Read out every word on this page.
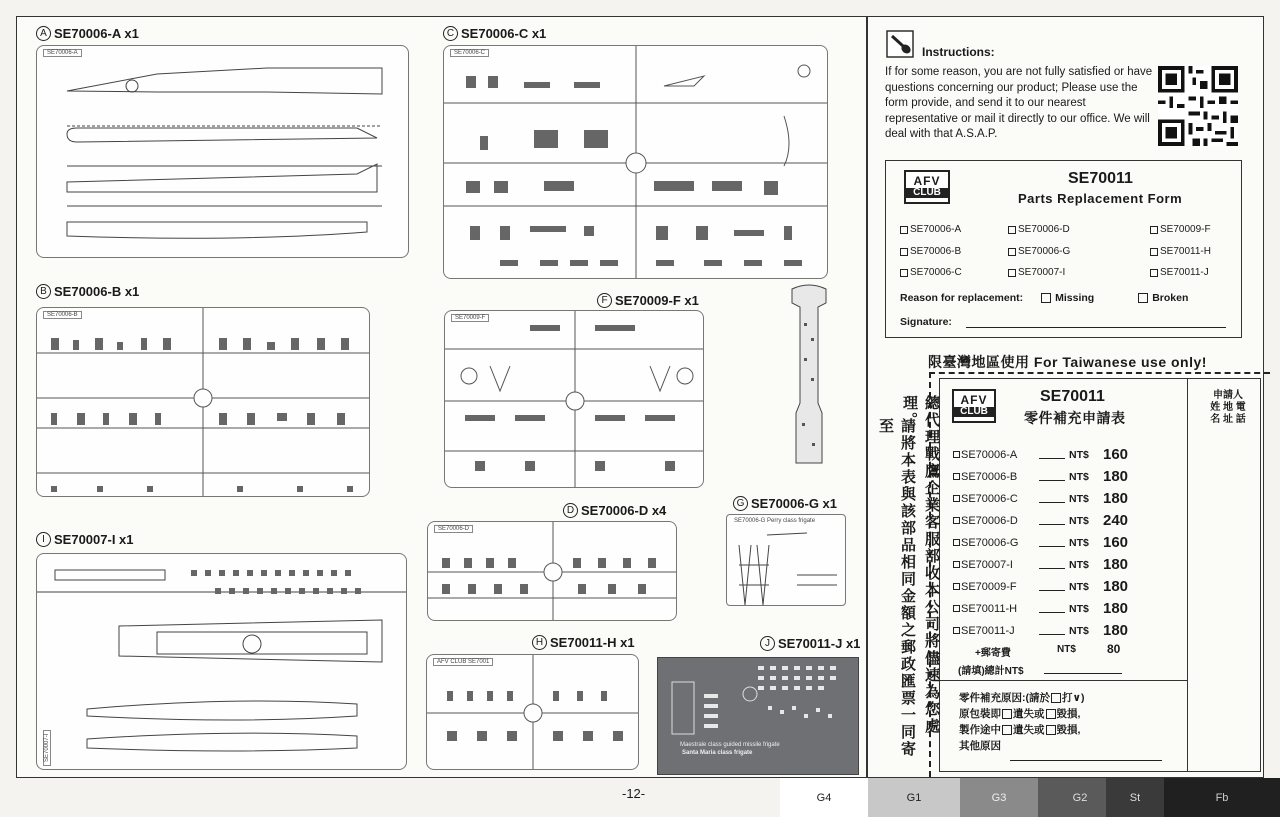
A SE70006-A x1
SE70006-A
B SE70006-B x1
SE70006-B
C SE70006-C x1
SE70006-C
F SE70009-F x1
SE70009-F
I SE70007-I x1
SE70007-I
D SE70006-D x4
SE70006-D
G SE70006-G x1
SE70006-G Perry class frigate
H SE70011-H x1
AFV CLUB SE7001
J SE70011-J x1
Maestrale class guided missile frigate
Santa Maria class frigate
Instructions:
If for some reason, you are not fully satisfied or have questions concerning our product; Please use the form provide, and send it to our nearest representative or mail it directly to our office. We will deal with that A.S.A.P.
AFV
CLUB
SE70011
Parts Replacement Form
SE70006-A	SE70006-D	SE70009-F
SE70006-B	SE70006-G	SE70011-H
SE70006-C	SE70007-I	SE70011-J
Reason for replacement:	Missing	Broken
Signature:
限臺灣地區使用 For Taiwanese use only!
總代理戰鷹企業客服部收本公司將儘速為您處理。
請將本表與該部品相同金額之郵政匯票一同寄至
AFV
CLUB
SE70011
零件補充申請表
申請人
姓 地 電
名 址 話
SE70006-A	NT$ 160
SE70006-B	NT$ 180
SE70006-C	NT$ 180
SE70006-D	NT$ 240
SE70006-G	NT$ 160
SE70007-I	NT$ 180
SE70009-F	NT$ 180
SE70011-H	NT$ 180
SE70011-J	NT$ 180
+郵寄費	NT$	80
(請填)總計NT$
零件補充原因:(請於 打∨)
原包裝即 遺失或 毀損,
製作途中 遺失或 毀損,
其他原因
-12-	G4	G1	G3	G2	St	Fb
